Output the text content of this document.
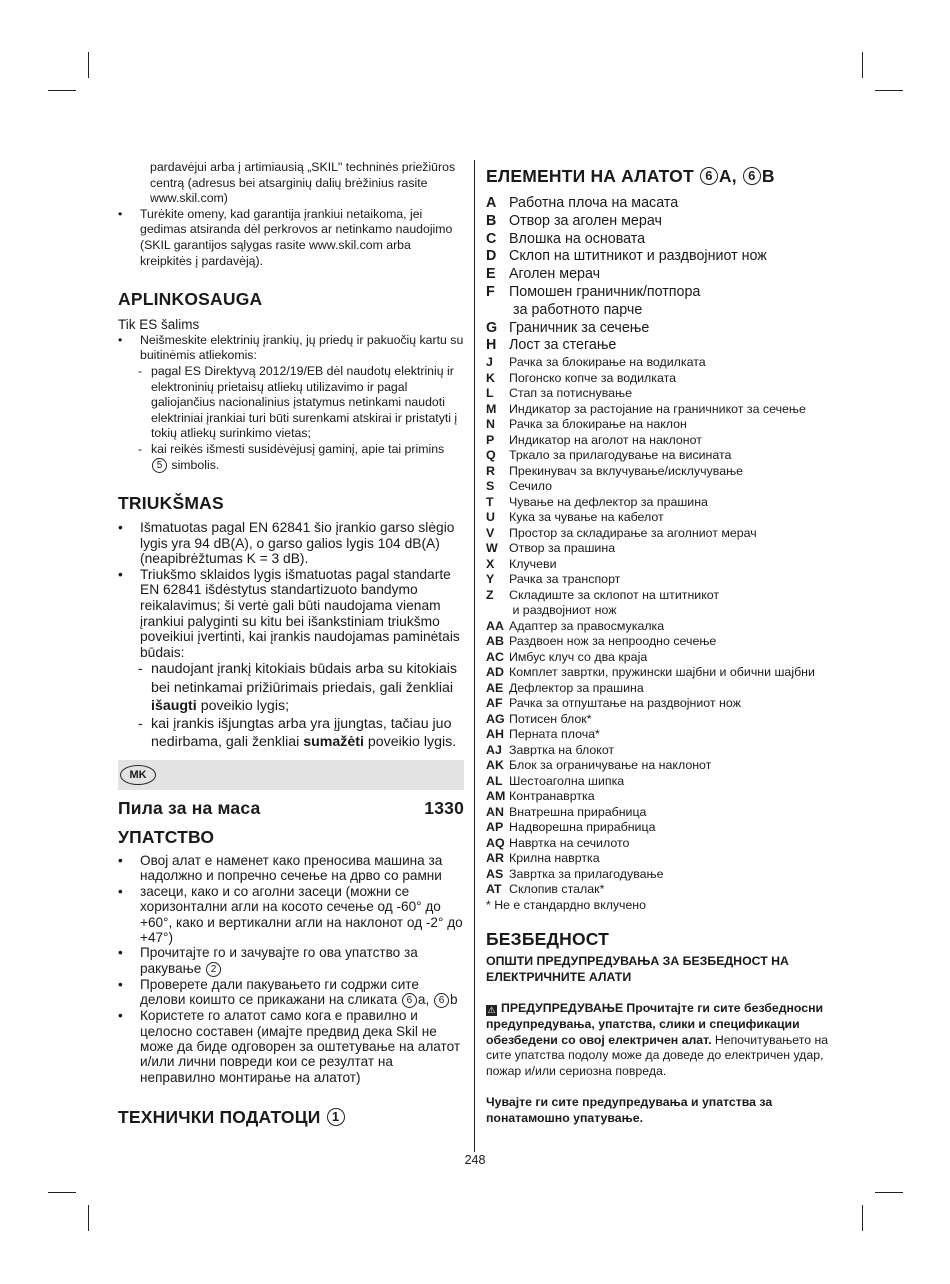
pardavėjui arba į artimiausią „SKIL" techninės priežiūros centrą (adresus bei atsarginių dalių brėžinius rasite www.skil.com)

• Turėkite omeny, kad garantija įrankiui netaikoma, jei gedimas atsiranda dėl perkrovos ar netinkamo naudojimo (SKIL garantijos sąlygas rasite www.skil.com arba kreipkitės į pardavėją).
APLINKOSAUGA

Tik ES šalims

• Neišmeskite elektrinių įrankių, jų priedų ir pakuočių kartu su buitinėmis atliekomis:
- pagal ES Direktyvą 2012/19/EB dėl naudotų elektrinių ir elektroninių prietaisų atliekų utilizavimo ir pagal galiojančius nacionalinius įstatymus netinkami naudoti elektriniai įrankiai turi būti surenkami atskirai ir pristatyti į tokių atliekų surinkimo vietas;
- kai reikės išmesti susidėvėjusį gaminį, apie tai primins 5 simbolis.
TRIUKŠMAS
• Išmatuotas pagal EN 62841 šio įrankio garso slėgio lygis yra 94 dB(A), o garso galios lygis 104 dB(A) (neapibrėžtumas K = 3 dB).
• Triukšmo sklaidos lygis išmatuotas pagal standarte EN 62841 išdėstytus standartizuoto bandymo reikalavimus; ši vertė gali būti naudojama vienam įrankiui palyginti su kitu bei išankstiniam triukšmo poveikiui įvertinti, kai įrankis naudojamas paminėtais būdais:
- naudojant įrankį kitokiais būdais arba su kitokiais bei netinkamai prižiūrimais priedais, gali ženkliai išaugti poveikio lygis;
- kai įrankis išjungtas arba yra įjungtas, tačiau juo nedirbama, gali ženkliai sumažėti poveikio lygis.
MK
Пила за на маса	1330
УПАТСТВО
• Овој алат е наменет како преносива машина за надолжно и попречно сечење на дрво со рамни
• засеци, како и со аголни засеци (можни се хоризонтални агли на косото сечење од -60° до +60°, како и вертикални агли на наклонот од -2° до +47°)
• Прочитајте го и зачувајте го ова упатство за ракување 2
• Проверете дали пакувањето ги содржи сите делови коишто се прикажани на сликата 6 a, 6 b
• Користете го алатот само кога е правилно и целосно составен (имајте предвид дека Skil не може да биде одговорен за оштетување на алатот и/или лични повреди кои се резултат на неправилно монтирање на алатот)
ТЕХНИЧКИ ПОДАТОЦИ 1
ЕЛЕМЕНТИ НА АЛАТОТ 6 A, 6 B
A Работна плоча на масата
B Отвор за аголен мерач
C Влошка на основата
D Склоп на штитникот и раздвојниот нож
E Аголен мерач
F Помошен граничник/потпора
за работното парче
G Граничник за сечење
H Лост за стегање
J	Рачка за блокирање на водилката
K	Погонско копче за водилката
L	Стап за потиснување
M	Индикатор за растојание на граничникот за сечење
N	Рачка за блокирање на наклон
P	Индикатор на аголот на наклонот
Q	Тркало за прилагодување на висината
R	Прекинувач за вклучување/исклучување
S	Сечило
T	Чување на дефлектор за прашина
U	Кука за чување на кабелот
V	Простор за складирање за аголниот мерач
W Отвор за прашина
X	Клучеви
Y	Рачка за транспорт
Z	Складиште за склопот на штитникот
и раздвојниот нож
AA Адаптер за правосмукалка
AB Раздвоен нож за непроодно сечење
AC Имбус клуч со два краја
AD Комплет завртки, пружински шајбни и обични шајбни
AE Дефлектор за прашина
AF Рачка за отпуштање на раздвојниот нож
AG Потисен блок*
AH Перната плоча*
AJ Завртка на блокот
AK Блок за ограничување на наклонот
AL Шестоаголна шипка
AM Контранавртка
AN Внатрешна прирабница
AP Надворешна прирабница
AQ Навртка на сечилото
AR Крилна навртка
AS Завртка за прилагодување
AT Склопив сталак*

* Не е стандардно вклучено

БЕЗБЕДНОСТ

ОПШТИ ПРЕДУПРЕДУВАЊА ЗА БЕЗБЕДНОСТ НА ЕЛЕКТРИЧНИТЕ АЛАТИ

⚠ ПРЕДУПРЕДУВАЊЕ Прочитајте ги сите безбедносни предупредувања, упатства, слики и спецификации обезбедени со овој електричен алат. Непочитувањето на сите упатства подолу може да доведе до електричен удар, пожар и/или сериозна повреда.

Чувајте ги сите предупредувања и упатства за понатамошно упатување.

248
